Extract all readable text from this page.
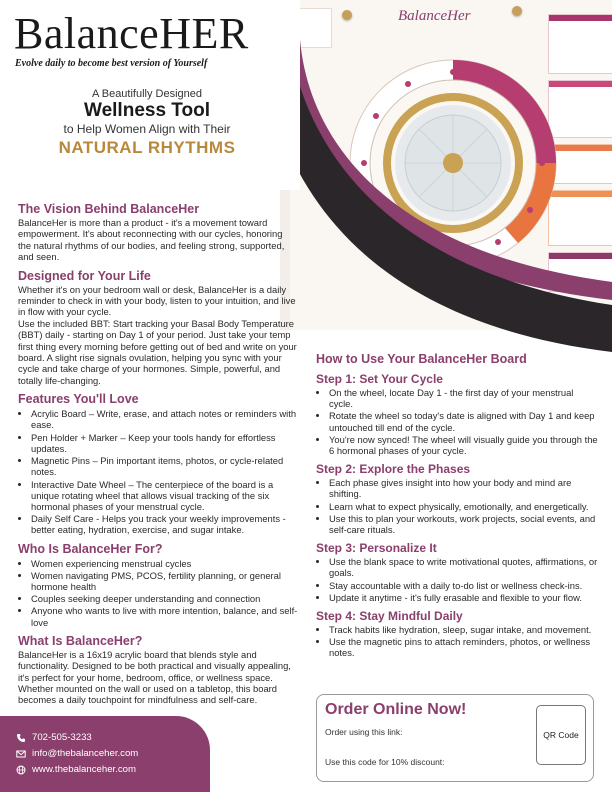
BalanceHer
BalanceHER
Evolve daily to become best version of Yourself
A Beautifully Designed
Wellness Tool
to Help Women Align with Their
NATURAL RHYTHMS
The Vision Behind BalanceHer

BalanceHer is more than a product - it's a movement toward empowerment. It's about reconnecting with our cycles, honoring the natural rhythms of our bodies, and feeling strong, supported, and seen.

Designed for Your Life

Whether it's on your bedroom wall or desk, BalanceHer is a daily reminder to check in with your body, listen to your intuition, and live in flow with your cycle.

Use the included BBT: Start tracking your Basal Body Temperature (BBT) daily - starting on Day 1 of your period. Just take your temp first thing every morning before getting out of bed and write on your board. A slight rise signals ovulation, helping you sync with your cycle and take charge of your hormones. Simple, powerful, and totally life-changing.

Features You'll Love
• Acrylic Board – Write, erase, and attach notes or reminders with ease.
• Pen Holder + Marker – Keep your tools handy for effortless updates.
• Magnetic Pins – Pin important items, photos, or cycle-related notes.
• Interactive Date Wheel – The centerpiece of the board is a unique rotating wheel that allows visual tracking of the six hormonal phases of your menstrual cycle.
• Daily Self Care - Helps you track your weekly improvements - better eating, hydration, exercise, and sugar intake.
Who Is BalanceHer For?
• Women experiencing menstrual cycles
• Women navigating PMS, PCOS, fertility planning, or general hormone health
• Couples seeking deeper understanding and connection
• Anyone who wants to live with more intention, balance, and self-love
What Is BalanceHer?

BalanceHer is a 16x19 acrylic board that blends style and functionality. Designed to be both practical and visually appealing, it's perfect for your home, bedroom, office, or wellness space. Whether mounted on the wall or used on a tabletop, this board becomes a daily touchpoint for mindfulness and self-care.

How to Use Your BalanceHer Board
Step 1: Set Your Cycle
• On the wheel, locate Day 1 - the first day of your menstrual cycle.
• Rotate the wheel so today's date is aligned with Day 1 and keep untouched till end of the cycle.
• You're now synced! The wheel will visually guide you through the 6 hormonal phases of your cycle.
Step 2: Explore the Phases
• Each phase gives insight into how your body and mind are shifting.
• Learn what to expect physically, emotionally, and energetically.
• Use this to plan your workouts, work projects, social events, and self-care rituals.
Step 3: Personalize It
• Use the blank space to write motivational quotes, affirmations, or goals.
• Stay accountable with a daily to-do list or wellness check-ins.
• Update it anytime - it's fully erasable and flexible to your flow.
Step 4: Stay Mindful Daily
• Track habits like hydration, sleep, sugar intake, and movement.
• Use the magnetic pins to attach reminders, photos, or wellness notes.
Order Online Now!
Order using this link:
Use this code for 10% discount:
QR Code
702-505-3233
info@thebalanceher.com
www.thebalanceher.com
